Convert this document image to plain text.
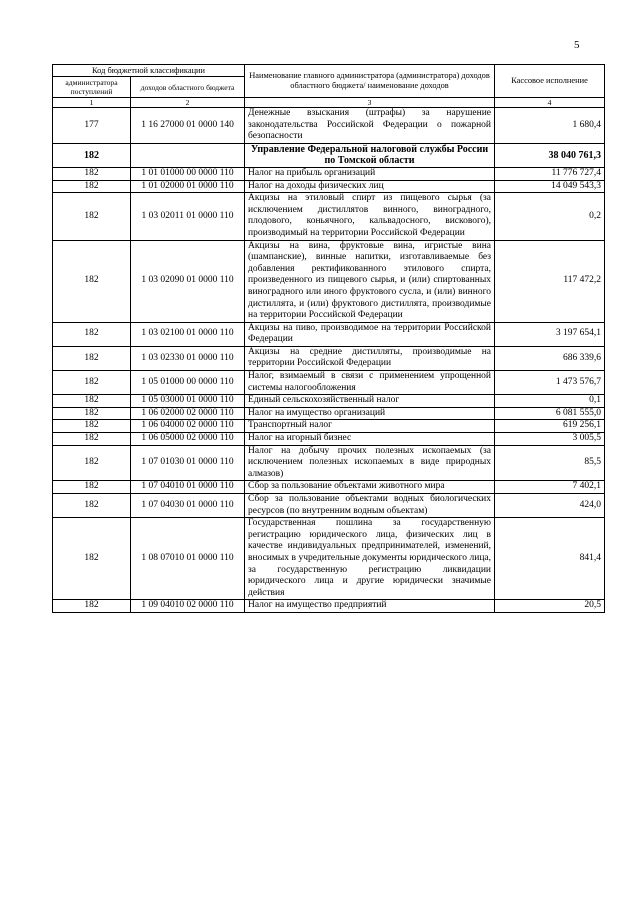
5
Код бюджетной классификации		Наименование главного администратора (администратора) доходов областного бюджета/ наименование доходов	Кассовое исполнение
администратора поступлений	доходов областного бюджета		
1	2	3	4
177	1 16 27000 01 0000 140	Денежные взыскания (штрафы) за нарушение законодательства Российской Федерации о пожарной безопасности	1 680,4
182		Управление Федеральной налоговой службы России по Томской области	38 040 761,3
182	1 01 01000 00 0000 110	Налог на прибыль организаций	11 776 727,4
182	1 01 02000 01 0000 110	Налог на доходы физических лиц	14 049 543,3
182	1 03 02011 01 0000 110	Акцизы на этиловый спирт из пищевого сырья (за исключением дистиллятов винного, виноградного, плодового, коньячного, кальвадосного, вискового), производимый на территории Российской Федерации	0,2
182	1 03 02090 01 0000 110	Акцизы на вина, фруктовые вина, игристые вина (шампанские), винные напитки, изготавливаемые без добавления ректификованного этилового спирта, произведенного из пищевого сырья, и (или) спиртованных виноградного или иного фруктового сусла, и (или) винного дистиллята, и (или) фруктового дистиллята, производимые на территории Российской Федерации	117 472,2
182	1 03 02100 01 0000 110	Акцизы на пиво, производимое на территории Российской Федерации	3 197 654,1
182	1 03 02330 01 0000 110	Акцизы на средние дистилляты, производимые на территории Российской Федерации	686 339,6
182	1 05 01000 00 0000 110	Налог, взимаемый в связи с применением упрощенной системы налогообложения	1 473 576,7
182	1 05 03000 01 0000 110	Единый сельскохозяйственный налог	0,1
182	1 06 02000 02 0000 110	Налог на имущество организаций	6 081 555,0
182	1 06 04000 02 0000 110	Транспортный налог	619 256,1
182	1 06 05000 02 0000 110	Налог на игорный бизнес	3 005,5
182	1 07 01030 01 0000 110	Налог на добычу прочих полезных ископаемых (за исключением полезных ископаемых в виде природных алмазов)	85,5
182	1 07 04010 01 0000 110	Сбор за пользование объектами животного мира	7 402,1
182	1 07 04030 01 0000 110	Сбор за пользование объектами водных биологических ресурсов (по внутренним водным объектам)	424,0
182	1 08 07010 01 0000 110	Государственная пошлина за государственную регистрацию юридического лица, физических лиц в качестве индивидуальных предпринимателей, изменений, вносимых в учредительные документы юридического лица, за государственную регистрацию ликвидации юридического лица и другие юридически значимые действия	841,4
182	1 09 04010 02 0000 110	Налог на имущество предприятий	20,5
